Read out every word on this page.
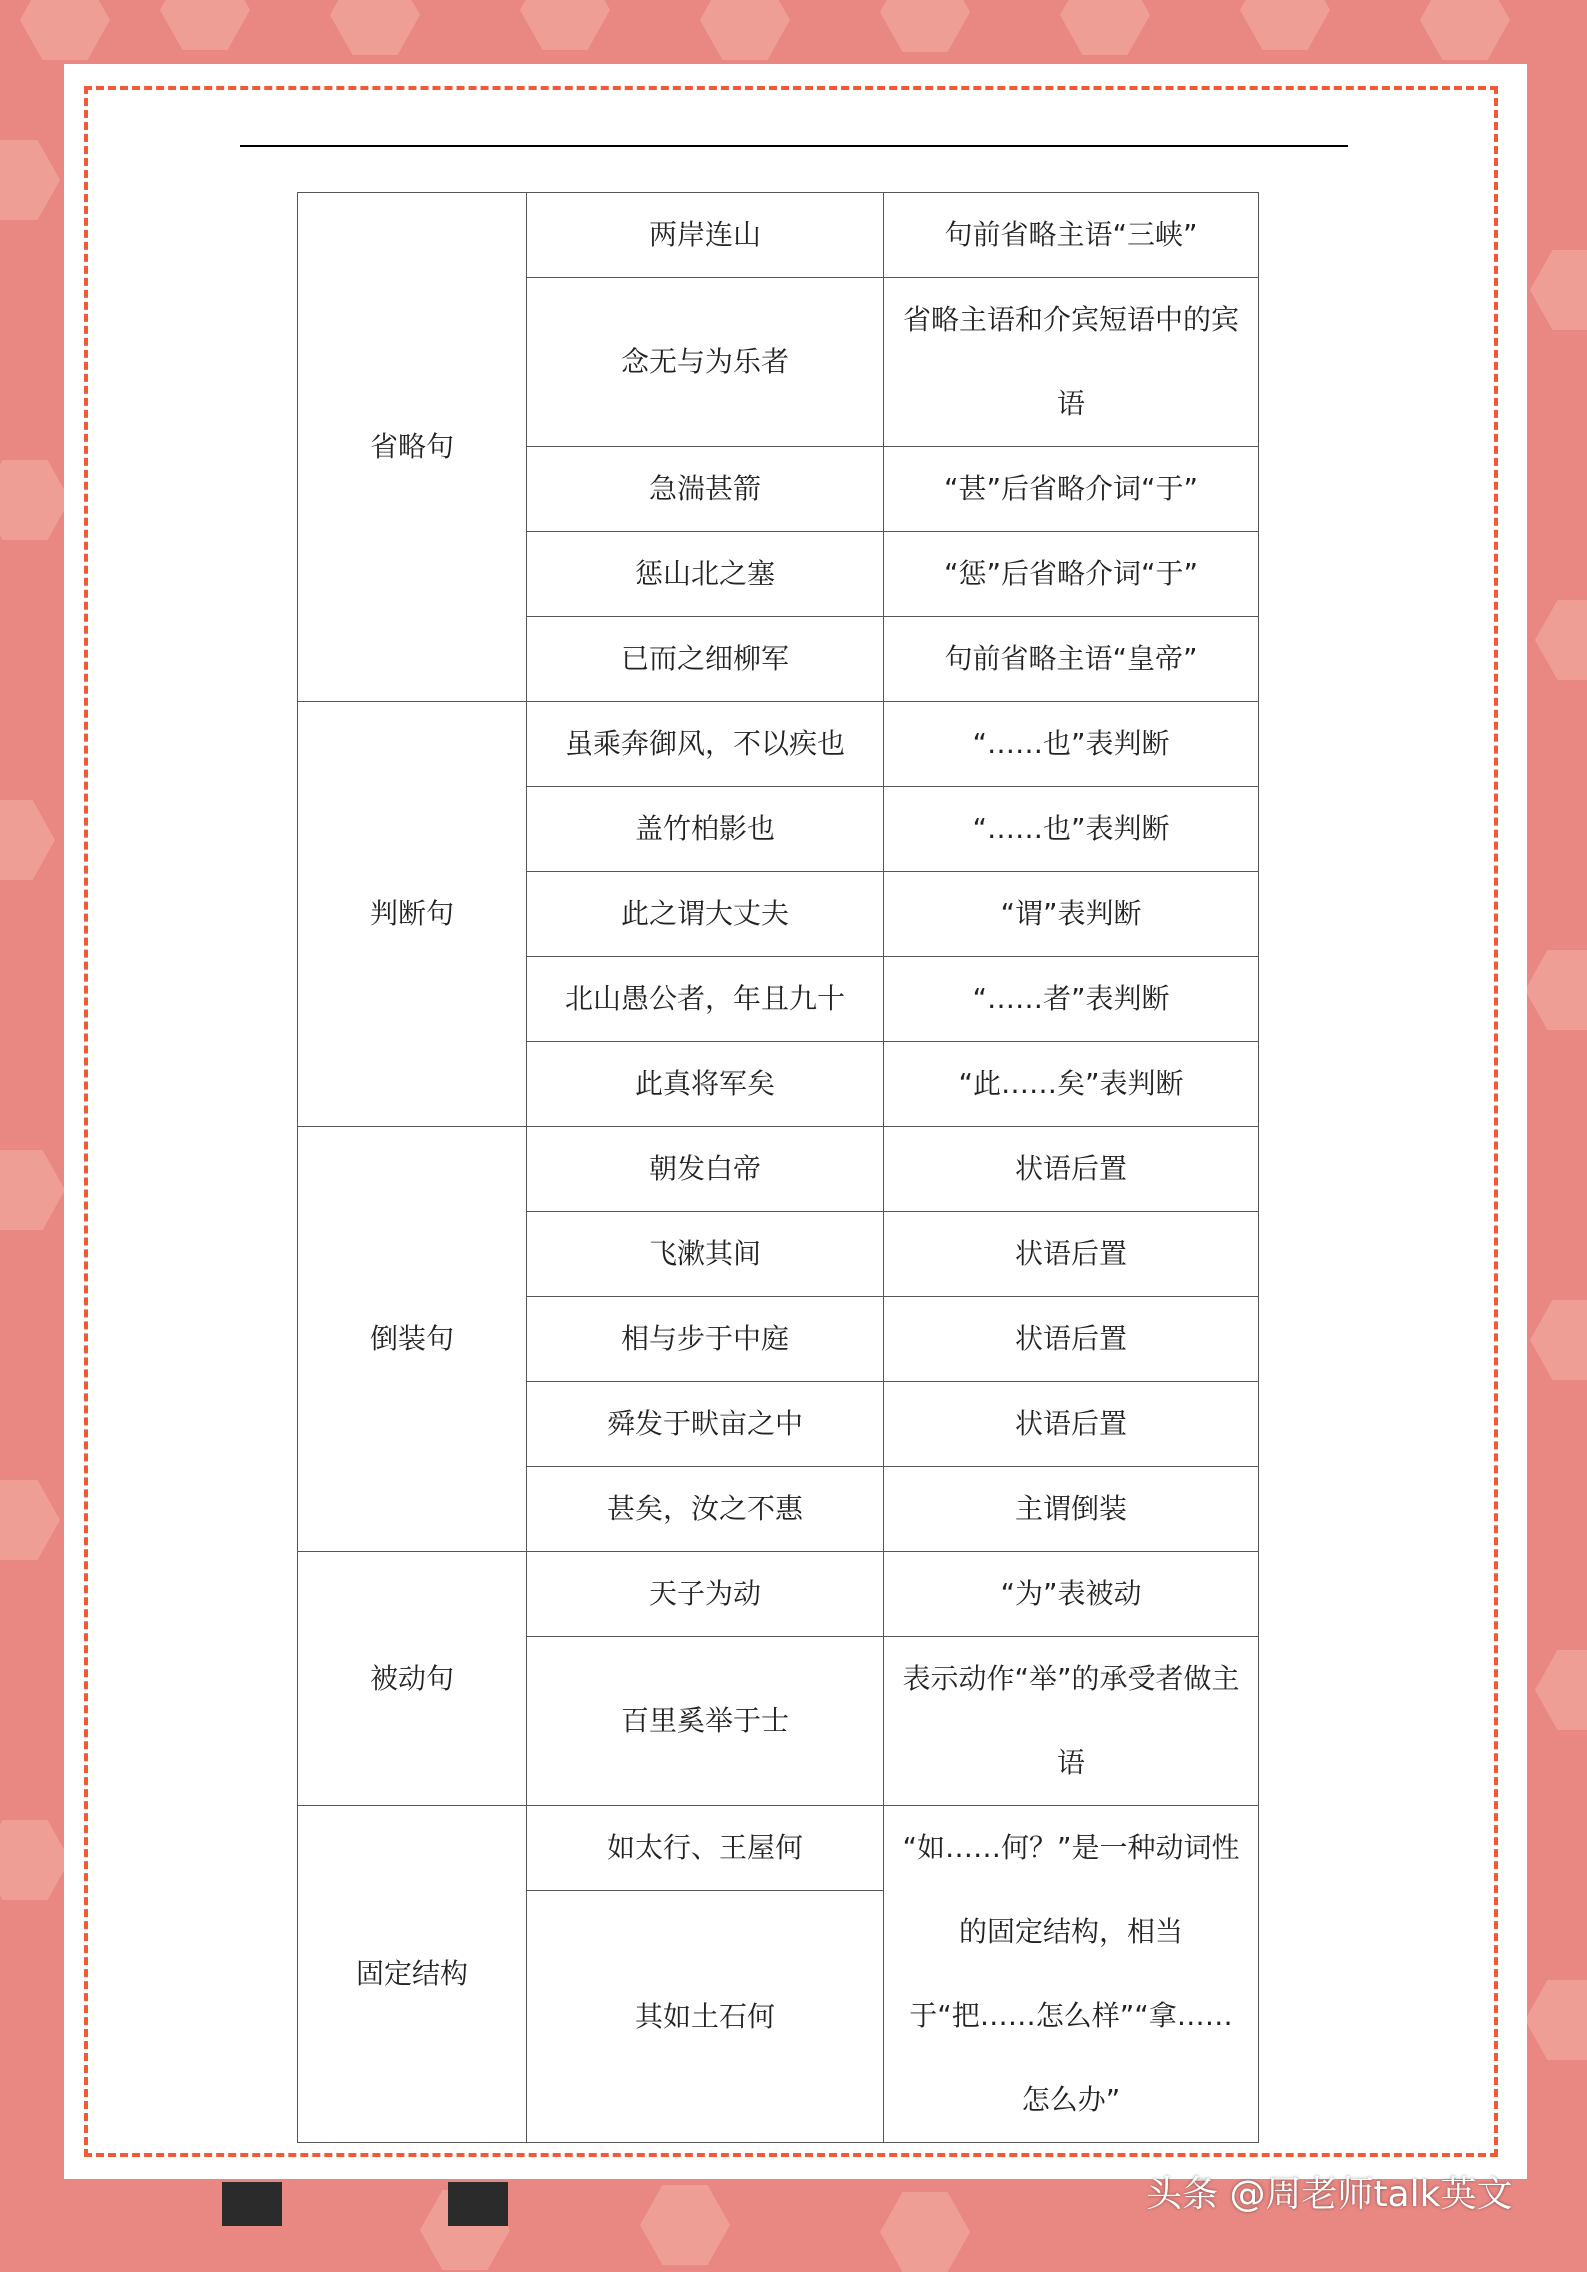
省略句	两岸连山	句前省略主语“三峡”
	念无与为乐者	省略主语和介宾短语中的宾语

	急湍甚箭	“甚”后省略介词“于”
	惩山北之塞	“惩”后省略介词“于”
	已而之细柳军	句前省略主语“皇帝”
判断句	虽乘奔御风，不以疾也	“……也”表判断
	盖竹柏影也	“……也”表判断
	此之谓大丈夫	“谓”表判断
	北山愚公者，年且九十	“……者”表判断
	此真将军矣	“此……矣”表判断
倒装句	朝发白帝	状语后置
	飞漱其间	状语后置
	相与步于中庭	状语后置
	舜发于畎亩之中	状语后置
	甚矣，汝之不惠	主谓倒装
被动句	天子为动	“为”表被动
	百里奚举于士	表示动作“举”的承受者做主语

固定结构	如太行、王屋何	“如……何？”是一种动词性的固定结构，相当于“把……怎么样”“拿……怎么办”
	其如土石何	

头条 @周老师talk英文
